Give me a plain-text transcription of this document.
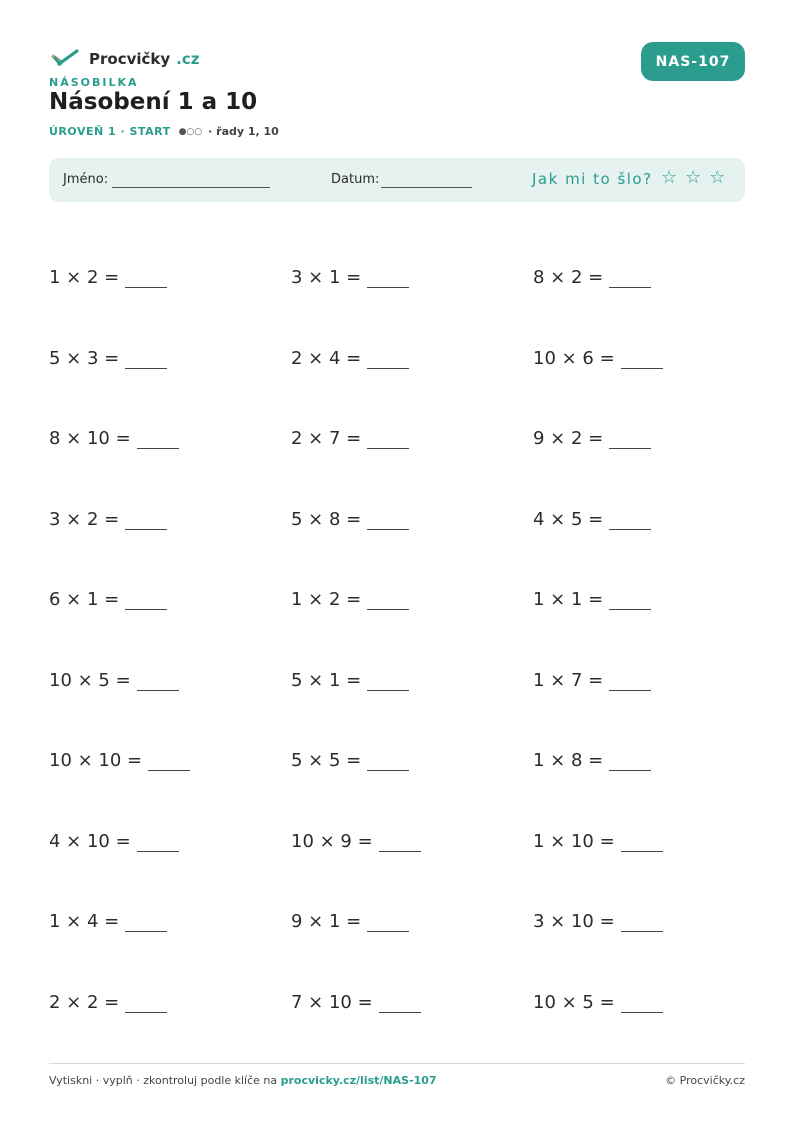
Procvičky .cz
NÁSOBILKA
Násobení 1 a 10
ÚROVEŇ 1 · START ●○○ · řady 1, 10
NAS-107
Jméno:	Datum:	Jak mi to šlo? ☆ ☆ ☆
1 × 2 =	3 × 1 =	8 × 2 =
5 × 3 =	2 × 4 =	10 × 6 =
8 × 10 =	2 × 7 =	9 × 2 =
3 × 2 =	5 × 8 =	4 × 5 =
6 × 1 =	1 × 2 =	1 × 1 =
10 × 5 =	5 × 1 =	1 × 7 =
10 × 10 =	5 × 5 =	1 × 8 =
4 × 10 =	10 × 9 =	1 × 10 =
1 × 4 =	9 × 1 =	3 × 10 =
2 × 2 =	7 × 10 =	10 × 5 =
Vytiskni · vyplň · zkontroluj podle klíče na procvicky.cz/list/NAS-107	© Procvičky.cz
